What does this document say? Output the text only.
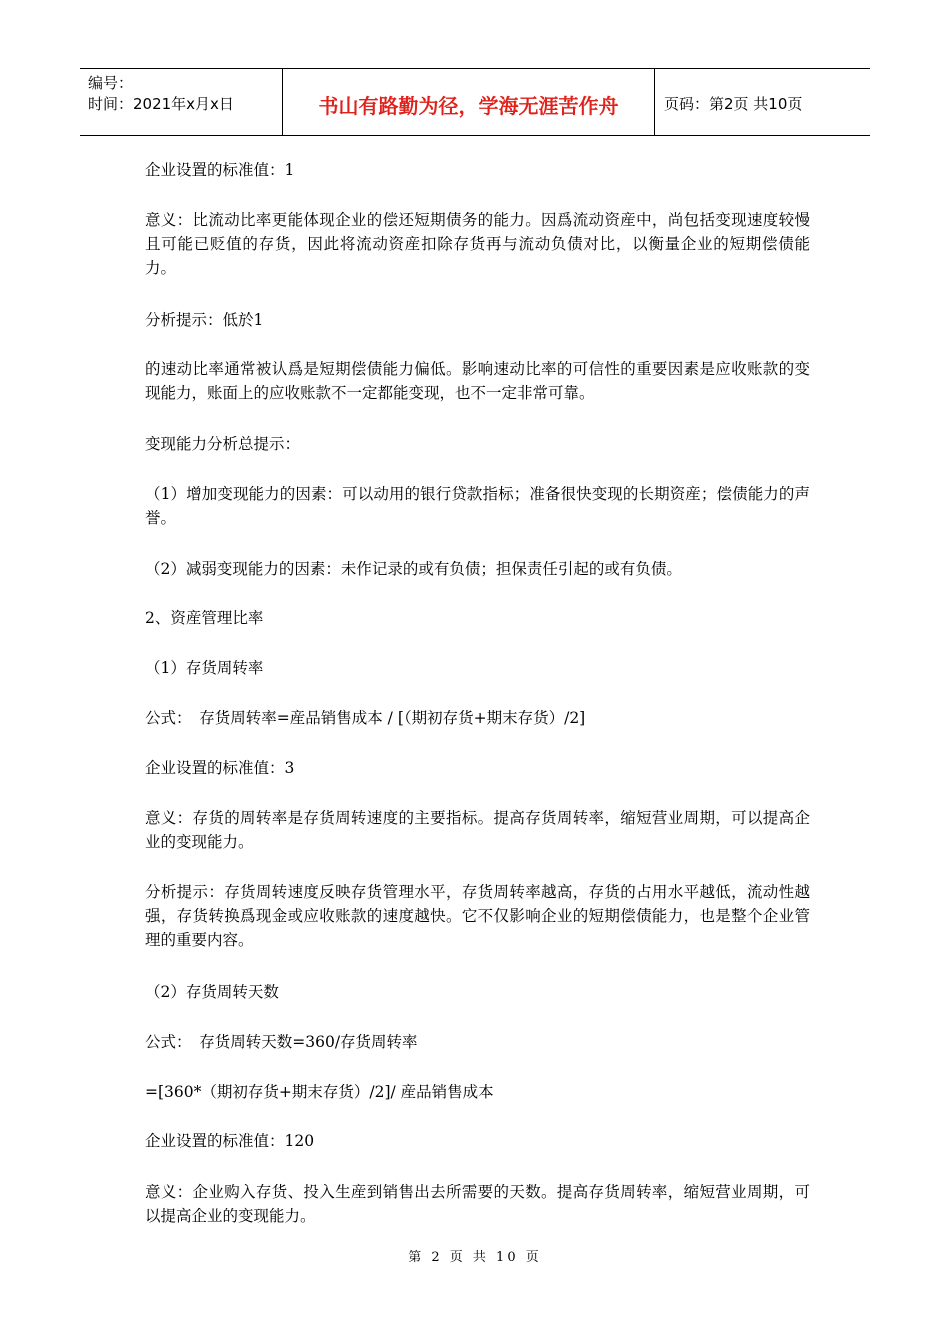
编号：
时间：2021年x月x日	书山有路勤为径，学海无涯苦作舟	页码：第2页 共10页

企业设置的标准值：1

意义：比流动比率更能体现企业的偿还短期债务的能力。因爲流动资産中，尚包括变现速度较慢且可能已贬值的存货，因此将流动资産扣除存货再与流动负债对比，以衡量企业的短期偿债能力。

分析提示：低於1

的速动比率通常被认爲是短期偿债能力偏低。影响速动比率的可信性的重要因素是应收账款的变现能力，账面上的应收账款不一定都能变现，也不一定非常可靠。

变现能力分析总提示：

（1）增加变现能力的因素：可以动用的银行贷款指标；准备很快变现的长期资産；偿债能力的声誉。

（2）减弱变现能力的因素：未作记录的或有负债；担保责任引起的或有负债。

2、资産管理比率

（1）存货周转率

公式：　存货周转率=産品销售成本 / [（期初存货+期末存货）/2]

企业设置的标准值：3

意义：存货的周转率是存货周转速度的主要指标。提高存货周转率，缩短营业周期，可以提高企业的变现能力。

分析提示：存货周转速度反映存货管理水平，存货周转率越高，存货的占用水平越低，流动性越强，存货转换爲现金或应收账款的速度越快。它不仅影响企业的短期偿债能力，也是整个企业管理的重要内容。

（2）存货周转天数

公式：　存货周转天数=360/存货周转率

=[360*（期初存货+期末存货）/2]/ 産品销售成本

企业设置的标准值：120

意义：企业购入存货、投入生産到销售出去所需要的天数。提高存货周转率，缩短营业周期，可以提高企业的变现能力。

第 2 页 共 10 页
